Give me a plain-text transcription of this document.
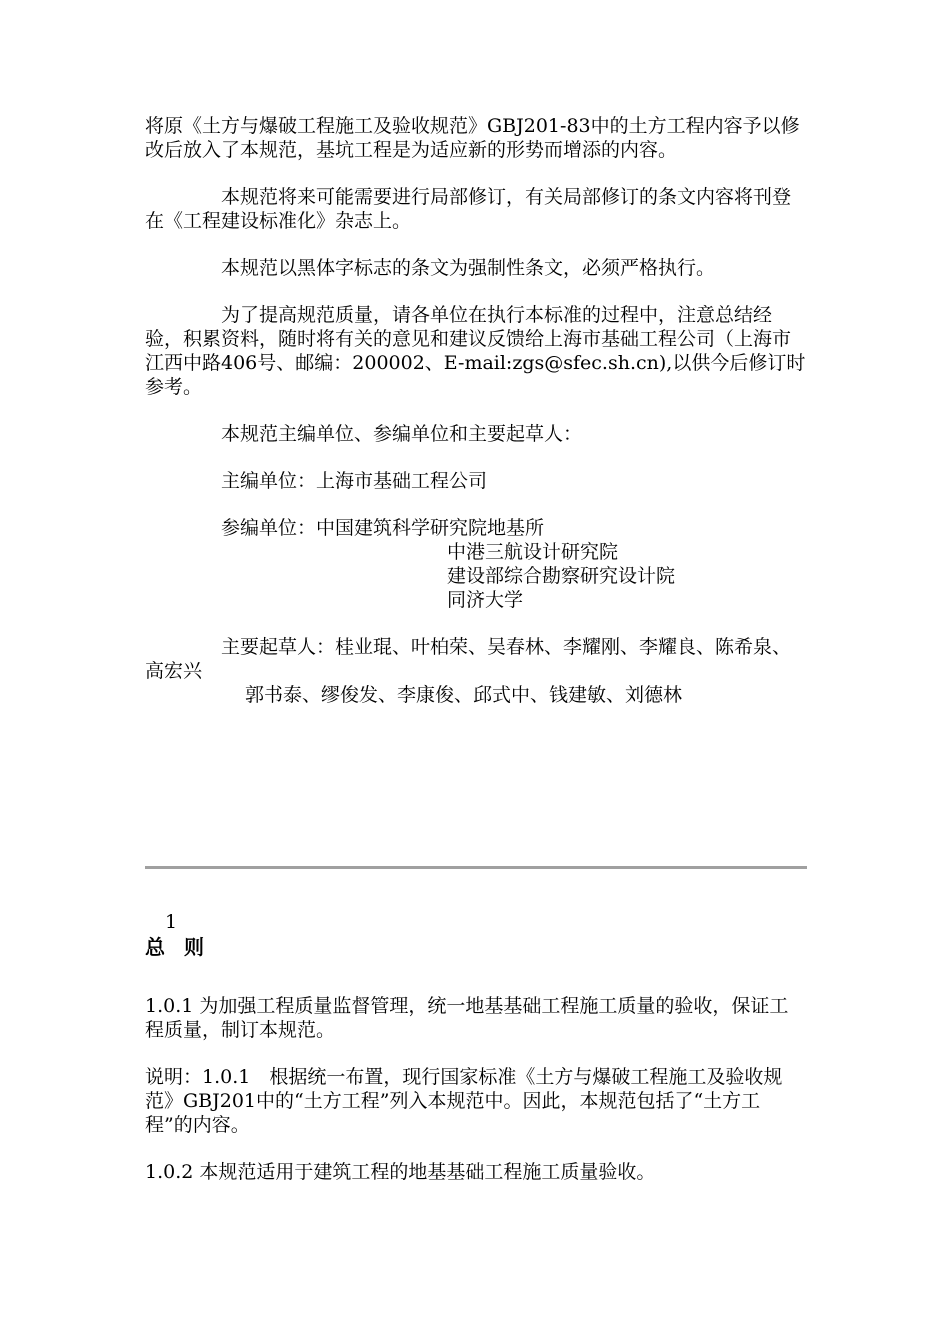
将原《土方与爆破工程施工及验收规范》GBJ201-83中的土方工程内容予以修改后放入了本规范，基坑工程是为适应新的形势而增添的内容。

本规范将来可能需要进行局部修订，有关局部修订的条文内容将刊登在《工程建设标准化》杂志上。

本规范以黑体字标志的条文为强制性条文，必须严格执行。

为了提高规范质量，请各单位在执行本标准的过程中，注意总结经验，积累资料，随时将有关的意见和建议反馈给上海市基础工程公司（上海市江西中路406号、邮编：200002、E-mail:zgs@sfec.sh.cn),以供今后修订时参考。

本规范主编单位、参编单位和主要起草人：

主编单位：上海市基础工程公司

参编单位：中国建筑科学研究院地基所

中港三航设计研究院

建设部综合勘察研究设计院

同济大学

主要起草人：桂业琨、叶柏荣、吴春林、李耀刚、李耀良、陈希泉、高宏兴

郭书泰、缪俊发、李康俊、邱式中、钱建敏、刘德林

1

总 则

1.0.1 为加强工程质量监督管理，统一地基基础工程施工质量的验收，保证工程质量，制订本规范。

说明：1.0.1　根据统一布置，现行国家标准《土方与爆破工程施工及验收规范》GBJ201中的“土方工程”列入本规范中。因此，本规范包括了“土方工程”的内容。

1.0.2 本规范适用于建筑工程的地基基础工程施工质量验收。
